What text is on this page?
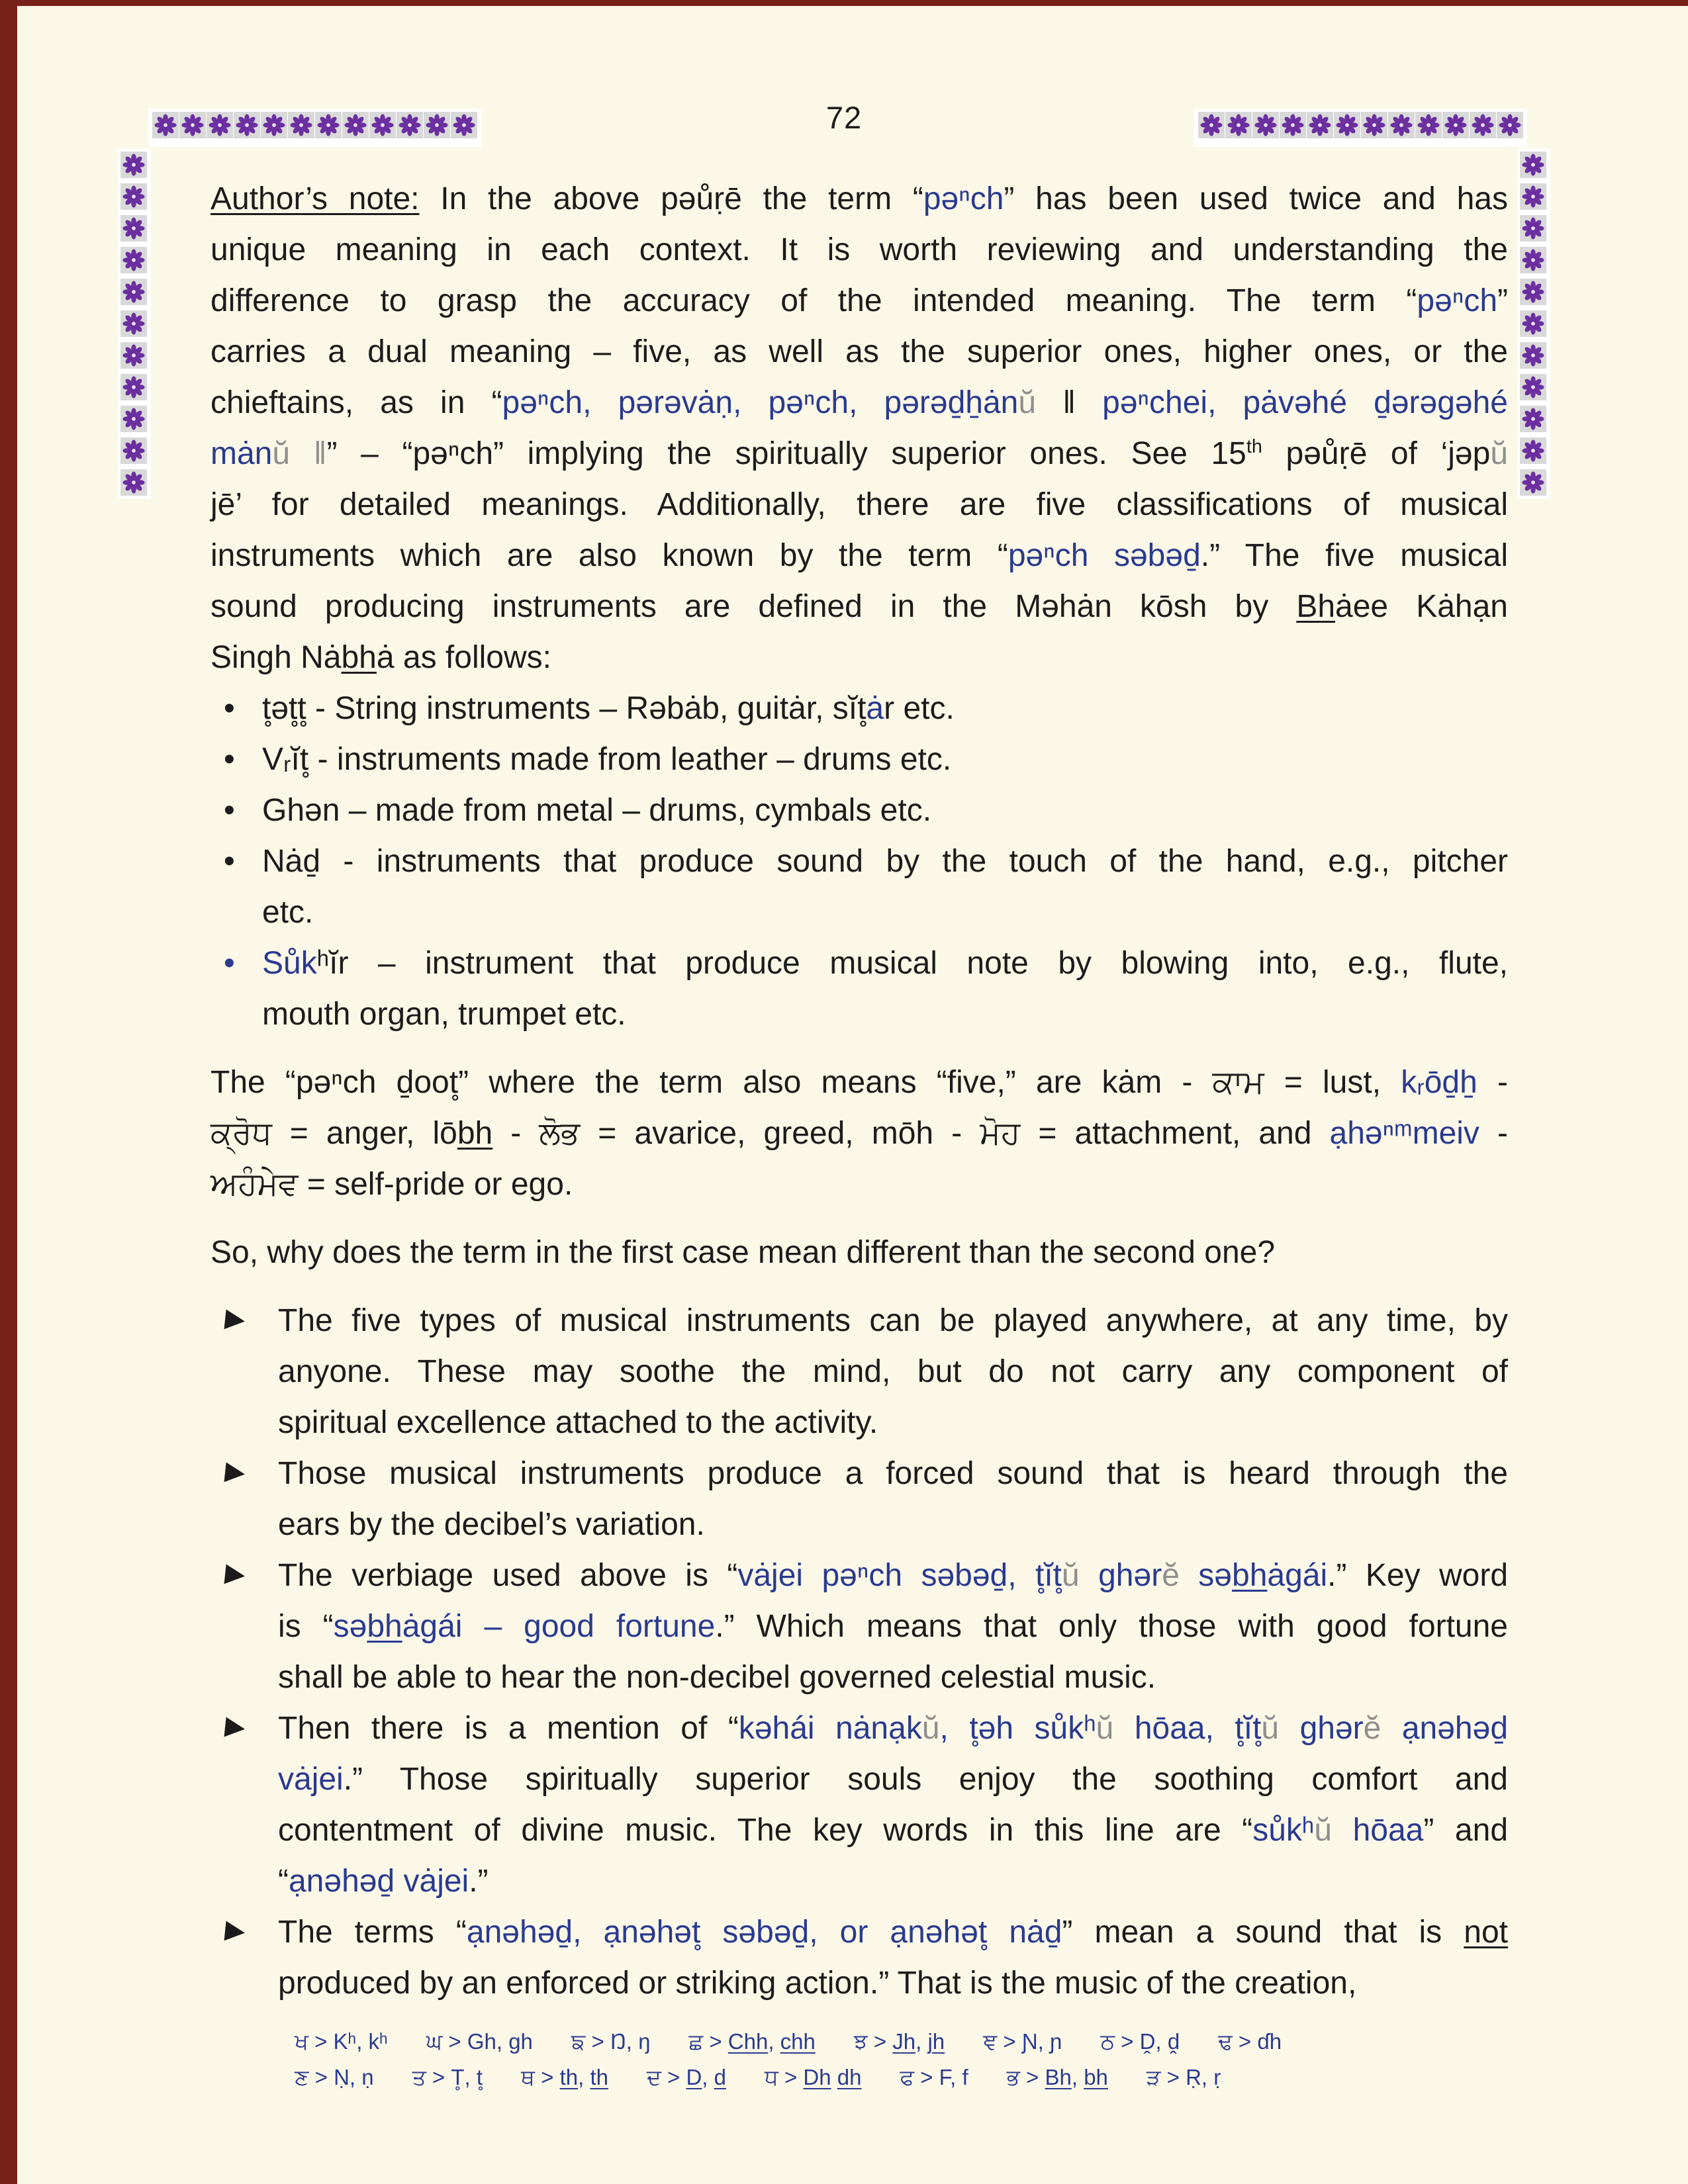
72
Author’s note: In the above pəůṛē the term “pəⁿch” has been used twice and has
unique meaning in each context. It is worth reviewing and understanding the
difference to grasp the accuracy of the intended meaning. The term “pəⁿch”
carries a dual meaning – five, as well as the superior ones, higher ones, or the
chieftains, as in “pəⁿch, pərəvȧṇ, pəⁿch, pərəḏẖȧnŭ ‖ pəⁿchei, pȧvəhé ḏərəgəhé
mȧnŭ ‖” – “pəⁿch” implying the spiritually superior ones. See 15th pəůṛē of ‘jəpŭ
jē’ for detailed meanings. Additionally, there are five classifications of musical
instruments which are also known by the term “pəⁿch səbəḏ.” The five musical
sound producing instruments are defined in the Məhȧn kōsh by Bhȧee Kȧhạn
Singh Nȧbhȧ as follows:
• t̥ət̥t̥ - String instruments – Rəbȧb, guitȧr, sĭt̥ȧr etc.
• Vᵣĭt̥ - instruments made from leather – drums etc.
• Ghən – made from metal – drums, cymbals etc.
• Nȧḏ - instruments that produce sound by the touch of the hand, e.g., pitcher
etc.
• Sůkʰĭr – instrument that produce musical note by blowing into, e.g., flute,
mouth organ, trumpet etc.
The “pəⁿch ḏoot̥” where the term also means “five,” are kȧm - ਕਾਮ = lust, kᵣōḏẖ -
ਕ੍ਰੋਧ = anger, lōbh - ਲੋਭ = avarice, greed, mōh - ਮੋਹ = attachment, and ạhəⁿᵐmeiv -
ਅਹੰਮੇਵ = self-pride or ego.
So, why does the term in the first case mean different than the second one?
The five types of musical instruments can be played anywhere, at any time, by
anyone. These may soothe the mind, but do not carry any component of
spiritual excellence attached to the activity.
Those musical instruments produce a forced sound that is heard through the
ears by the decibel’s variation.
The verbiage used above is “vȧjei pəⁿch səbəḏ, t̥ĭt̥ŭ ghərĕ səbhȧgái.” Key word
is “səbhȧgái – good fortune.” Which means that only those with good fortune
shall be able to hear the non-decibel governed celestial music.
Then there is a mention of “kəhái nȧnạkŭ, t̥əh sůkʰŭ hōaa, t̥ĭt̥ŭ ghərĕ ạnəhəḏ
vȧjei.” Those spiritually superior souls enjoy the soothing comfort and
contentment of divine music. The key words in this line are “sůkʰŭ hōaa” and
“ạnəhəḏ vȧjei.”
The terms “ạnəhəḏ, ạnəhət̥ səbəḏ, or ạnəhət̥ nȧḏ” mean a sound that is not
produced by an enforced or striking action.” That is the music of the creation,
ਖ > Kʰ, kʰ ਘ > Gh, gh ਙ > Ŋ, ŋ ਛ > Chh, chh ਝ > Jh, jh ਞ > Ɲ, ɲ ਠ > Ḓ, ḓ ਢ > ɗh
ਣ > Ṇ, ṇ ਤ > T̥, t̥ ਥ > th, th ਦ > D, d ਧ > Dh dh ਫ > F, f ਭ > Bh, bh ੜ > Ṛ, ṛ
